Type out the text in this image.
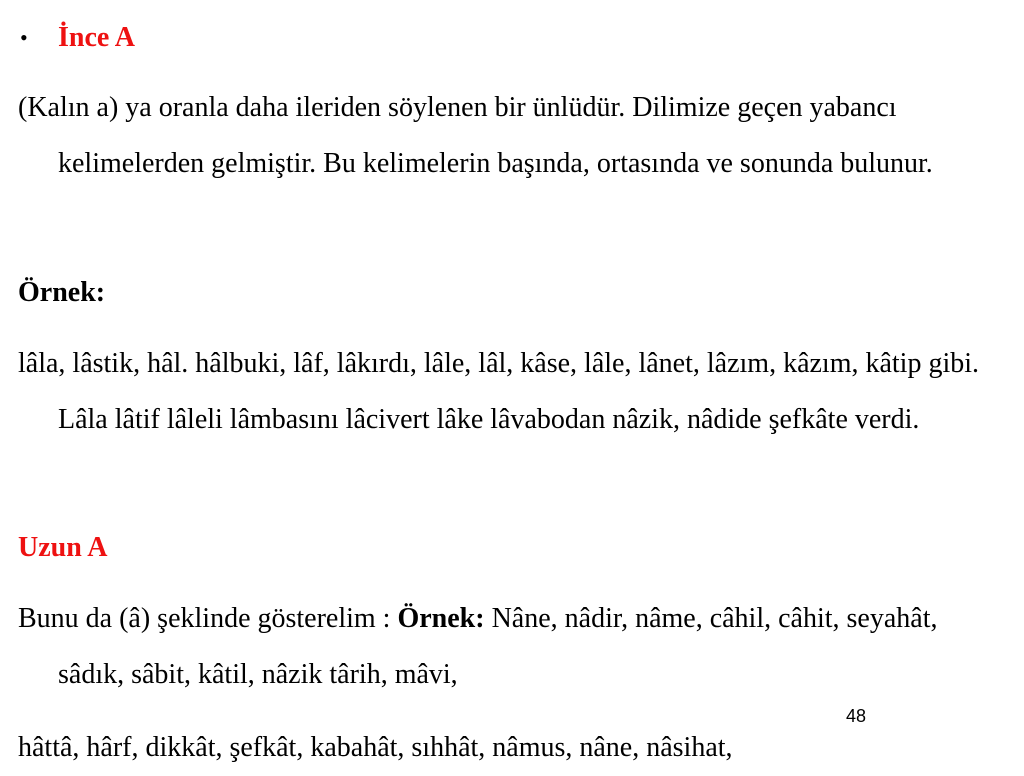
• İnce A
(Kalın a) ya oranla daha ileriden söylenen bir ünlüdür. Dilimize geçen yabancı kelimelerden gelmiştir. Bu kelimelerin başında, ortasında ve sonunda bulunur.
Örnek:
lâla, lâstik, hâl. hâlbuki, lâf, lâkırdı, lâle, lâl, kâse, lâle, lânet, lâzım, kâzım, kâtip gibi. Lâla lâtif lâleli lâmbasını lâcivert lâke lâvabodan nâzik, nâdide şefkâte verdi.
Uzun A
Bunu da (â) şeklinde gösterelim : Örnek: Nâne, nâdir, nâme, câhil, câhit, seyahât, sâdık, sâbit, kâtil, nâzik târih, mâvi,
hâttâ, hârf, dikkât, şefkât, kabahât, sıhhât, nâmus, nâne, nâsihat,
48
